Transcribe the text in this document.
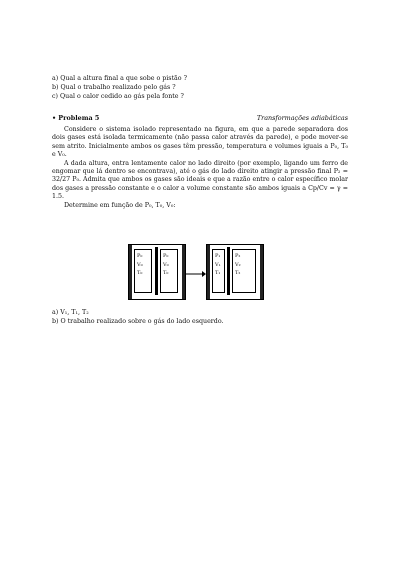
a) Qual a altura final a que sobe o pistão ?
b) Qual o trabalho realizado pelo gás ?
c) Qual o calor cedido ao gás pela fonte ?
• Problema 5	Transformações adiabáticas

Considere o sistema isolado representado na figura, em que a parede separadora dos dois gases está isolada termicamente (não passa calor através da parede), e pode mover-se sem atrito. Inicialmente ambos os gases têm pressão, temperatura e volumes iguais a P₀, T₀ e V₀.

A dada altura, entra lentamente calor no lado direito (por exemplo, ligando um ferro de engomar que lá dentro se encontrava), até o gás do lado direito atingir a pressão final P₂ = 32/27 P₀. Admita que ambos os gases são ideais e que a razão entre o calor específico molar dos gases a pressão constante e o calor a volume constante são ambos iguais a Cp/Cv = γ = 1.5.

Determine em função de P₀, T₀, V₀:

P₀
V₀
T₀
P₀
V₀
T₀
P₁
V₁
T₁
P₂
V₂
T₂
a) V₁, T₁, T₂
b) O trabalho realizado sobre o gás do lado esquerdo.
